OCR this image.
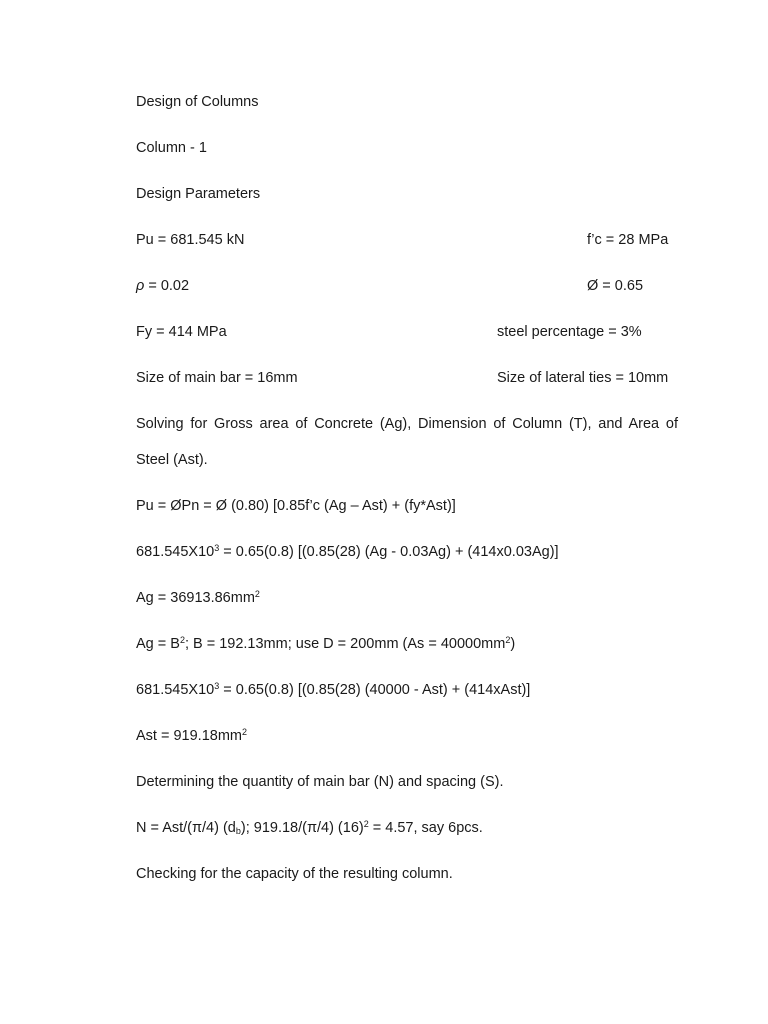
Design of Columns
Column - 1
Design Parameters
Pu = 681.545 kN	f’c = 28 MPa
ρ = 0.02	Ø = 0.65
Fy = 414 MPa	steel percentage = 3%
Size of main bar = 16mm	Size of lateral ties = 10mm
Solving for Gross area of Concrete (Ag), Dimension of Column (T), and Area of Steel (Ast).
Pu = ØPn = Ø (0.80) [0.85f’c (Ag – Ast) + (fy*Ast)]
$681.545X10^3 = 0.65(0.8)$ [(0.85(28) (Ag - 0.03Ag) + (414x0.03Ag)]
$Ag = 36913.86mm^2$
$Ag = B^2$; B = 192.13mm; use D = 200mm $(As = 40000mm^2)$
$681.545X10^3 = 0.65(0.8)$ [(0.85(28) (40000 - Ast) + (414xAst)]
Ast = $919.18mm^2$
Determining the quantity of main bar (N) and spacing (S).
N = Ast/(π/4) $(d_b)$; 919.18/(π/4) $(16)^2 = 4.57$, say 6pcs.
Checking for the capacity of the resulting column.
